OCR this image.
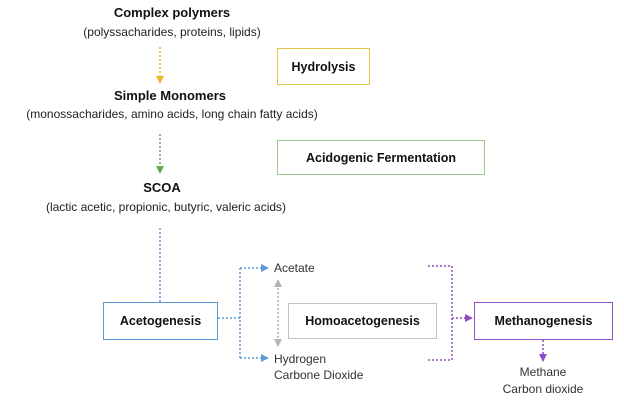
Complex polymers
(polyssacharides, proteins, lipids)
Simple Monomers
(monossacharides, amino acids, long chain fatty acids)
SCOA
(lactic acetic, propionic, butyric, valeric acids)
Hydrolysis
Acidogenic Fermentation
Acetogenesis	Homoacetogenesis	Methanogenesis
Acetate
Hydrogen
Carbone Dioxide	Methane
Carbon dioxide
